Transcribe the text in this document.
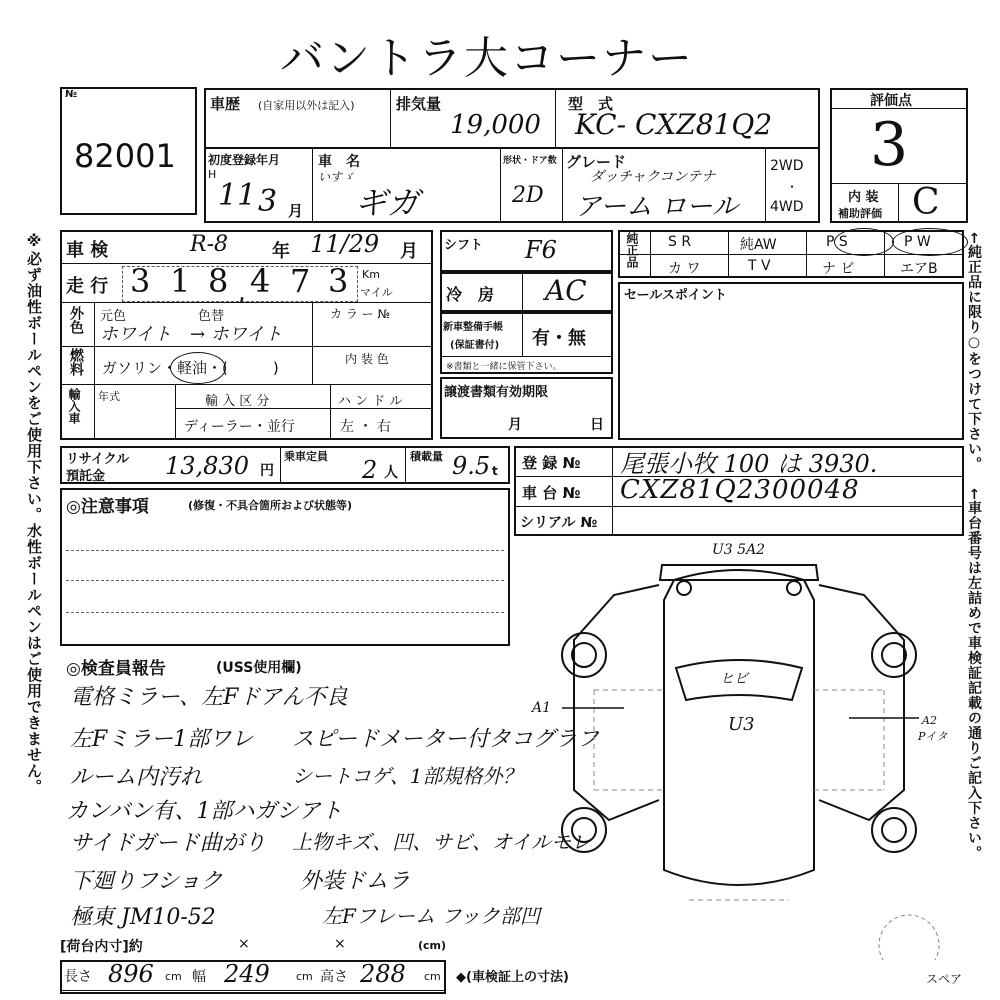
バントラ大コーナー
№
82001
車歴 (自家用以外は記入)	排気量
19,000
型　式
KC- CXZ81Q2
初度登録年月
H
11 3 月
車　名
いすゞ
ギガ
形状・ドア数
2D
グレード
ダッチャクコンテナ
アーム ロール
2WD
・
4WD
評価点
3
内 装
補助評価 C
※必ず油性ボールペンをご使用下さい。水性ボールペンはご使用できません。	←純正品に限り○をつけて下さい。
←車台番号は左詰めで車検証記載の通りご記入下さい。
車 検	R-8 年 11/29 月
走 行 3 1 8 , 4 7 3 Km
マイル
外色 元色	色替
ホワイト → ホワイト
カ ラ ー №
燃料 ガソリン・軽油・(　　　)	内 装 色
輸入車 年式	輸 入 区 分
ディーラー・並行
ハ ン ド ル
左 ・ 右
シフト F6
冷　房 AC
新車整備手帳
(保証書付) 有・無
※書類と一緒に保管下さい。
譲渡書類有効期限
月	日
純正品 S R	純AW	P S	P W
カ ワ	T V	ナ ビ	エアB
セールスポイント
リサイクル
預託金 13,830 円
乗車定員 2 人
積載量 9.5 t 登 録 № 尾張小牧 100 は 3930.
車 台 № CXZ81Q2300048
シリアル №
◎注意事項	(修復・不具合箇所および状態等)
◎検査員報告	(USS使用欄)
電格ミラー、左Fドアん不良
左Fミラー1部ワレ
ルーム内汚れ
カンバン有、1部ハガシアト
サイドガード曲がり
下廻りフショク
極東 JM10-52
スピードメーター付タコグラフ
シートコゲ、1部規格外？
上物キズ、凹、サビ、オイルモレ
外装ドムラ
左Fフレーム フック部凹
U3 5A2
ヒビ
U3
A1
A2
Pイタ
スペア
[荷台内寸]約	×	×	(cm)
長さ 896 cm 幅 249 cm 高さ 288 cm ◆(車検証上の寸法)
